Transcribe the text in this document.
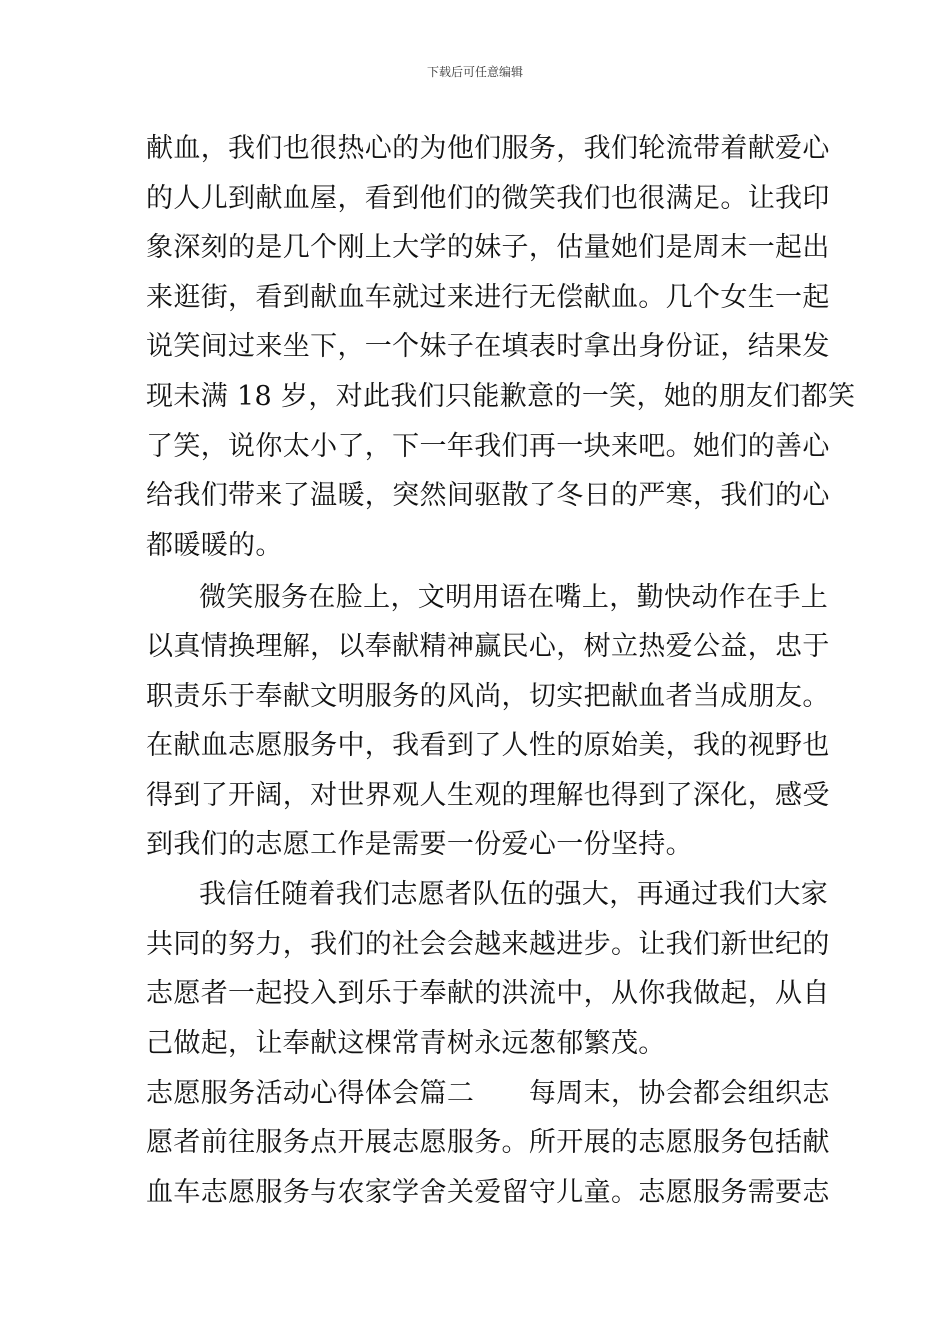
下载后可任意编辑
献血，我们也很热心的为他们服务，我们轮流带着献爱心
的人儿到献血屋，看到他们的微笑我们也很满足。让我印
象深刻的是几个刚上大学的妹子，估量她们是周末一起出
来逛街，看到献血车就过来进行无偿献血。几个女生一起
说笑间过来坐下，一个妹子在填表时拿出身份证，结果发
现未满 18 岁，对此我们只能歉意的一笑，她的朋友们都笑
了笑，说你太小了，下一年我们再一块来吧。她们的善心
给我们带来了温暖，突然间驱散了冬日的严寒，我们的心
都暖暖的。
微笑服务在脸上，文明用语在嘴上，勤快动作在手上
以真情换理解，以奉献精神赢民心，树立热爱公益，忠于
职责乐于奉献文明服务的风尚，切实把献血者当成朋友。
在献血志愿服务中，我看到了人性的原始美，我的视野也
得到了开阔，对世界观人生观的理解也得到了深化，感受
到我们的志愿工作是需要一份爱心一份坚持。
我信任随着我们志愿者队伍的强大，再通过我们大家
共同的努力，我们的社会会越来越进步。让我们新世纪的
志愿者一起投入到乐于奉献的洪流中，从你我做起，从自
己做起，让奉献这棵常青树永远葱郁繁茂。
志愿服务活动心得体会篇二　　每周末，协会都会组织志
愿者前往服务点开展志愿服务。所开展的志愿服务包括献
血车志愿服务与农家学舍关爱留守儿童。志愿服务需要志
